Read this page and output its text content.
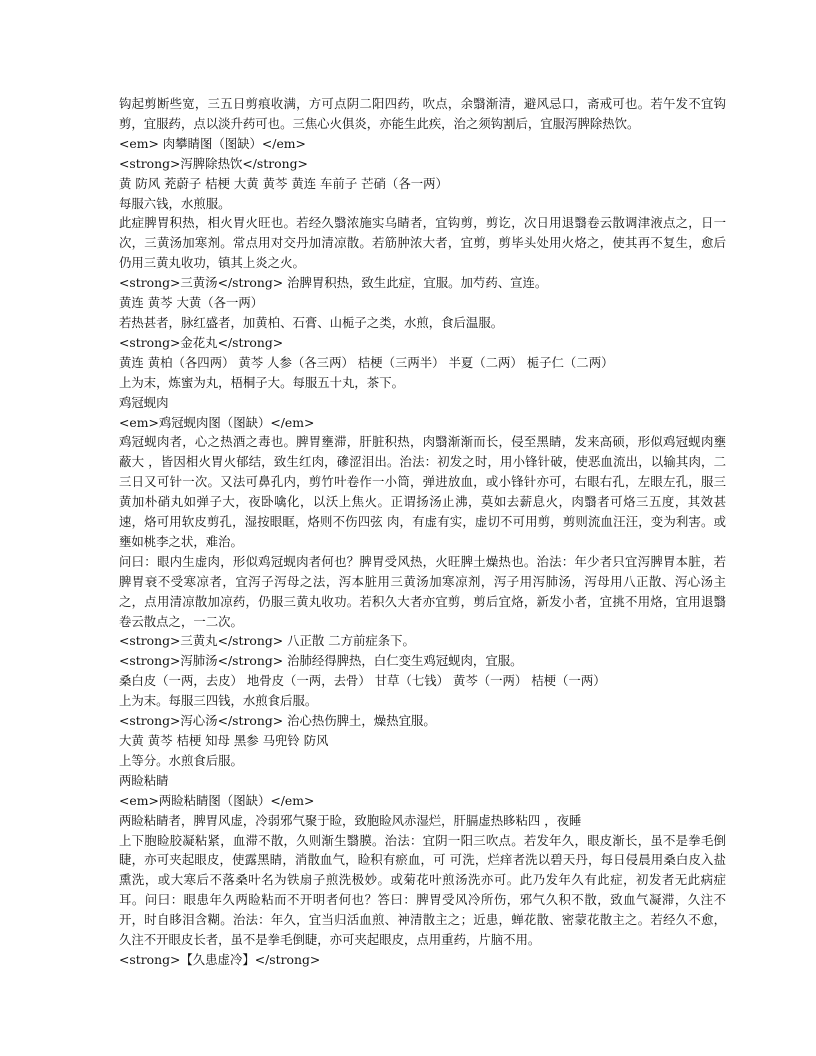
钩起剪断些宽，三五日剪痕收满，方可点阴二阳四药，吹点，余翳渐清，避风忌口，斋戒可也。若午发不宜钩剪，宜服药，点以淡升药可也。三焦心火俱炎，亦能生此疾，治之须钩割后，宜服泻脾除热饮。

<em> 肉攀睛图（图缺）</em>

<strong>泻脾除热饮</strong>

黄 防风 茺蔚子 桔梗 大黄 黄芩 黄连 车前子 芒硝（各一两）

每服六钱，水煎服。

此症脾胃积热，相火胃火旺也。若经久翳浓施实乌睛者，宜钩剪，剪讫，次日用退翳卷云散调津液点之，日一次，三黄汤加寒剂。常点用对交丹加清凉散。若筋肿浓大者，宜剪，剪毕头处用火烙之，使其再不复生，愈后仍用三黄丸收功，镇其上炎之火。

<strong>三黄汤</strong> 治脾胃积热，致生此症，宜服。加芍药、宣连。

黄连 黄芩 大黄（各一两）

若热甚者，脉红盛者，加黄柏、石膏、山栀子之类，水煎，食后温服。

<strong>金花丸</strong>

黄连 黄柏（各四两） 黄芩 人参（各三两） 桔梗（三两半） 半夏（二两） 栀子仁（二两）

上为末，炼蜜为丸，梧桐子大。每服五十丸，茶下。

鸡冠蚬肉

<em>鸡冠蚬肉图（图缺）</em>

鸡冠蚬肉者，心之热酒之毒也。脾胃壅滞，肝脏积热，肉翳渐渐而长，侵至黑睛，发来高硕，形似鸡冠蚬肉壅蔽大 ，皆因相火胃火郁结，致生红肉，磣涩泪出。治法：初发之时，用小锋针破，使恶血流出，以输其肉，二三日又可针一次。又法可鼻孔内，剪竹叶卷作一小筒，弹进放血，或小锋针亦可，右眼右孔，左眼左孔，服三黄加朴硝丸如弹子大，夜卧噙化，以沃上焦火。正谓扬汤止沸，莫如去薪息火，肉翳者可烙三五度，其效甚速，烙可用软皮剪孔，湿按眼眶，烙则不伤四弦 肉，有虚有实，虚切不可用剪，剪则流血汪汪，变为利害。或壅如桃李之状，难治。

问曰：眼内生虚肉，形似鸡冠蚬肉者何也？脾胃受风热，火旺脾土燥热也。治法：年少者只宜泻脾胃本脏，若脾胃衰不受寒凉者，宜泻子泻母之法，泻本脏用三黄汤加寒凉剂，泻子用泻肺汤，泻母用八正散、泻心汤主之，点用清凉散加凉药，仍服三黄丸收功。若积久大者亦宜剪，剪后宜烙，新发小者，宜挑不用烙，宜用退翳卷云散点之，一二次。

<strong>三黄丸</strong> 八正散 二方前症条下。

<strong>泻肺汤</strong> 治肺经得脾热，白仁变生鸡冠蚬肉，宜服。

桑白皮（一两，去皮） 地骨皮（一两，去骨） 甘草（七钱） 黄芩（一两） 桔梗（一两）

上为末。每服三四钱，水煎食后服。

<strong>泻心汤</strong> 治心热伤脾土，燥热宜服。

大黄 黄芩 桔梗 知母 黑参 马兜铃 防风

上等分。水煎食后服。

两睑粘睛

<em>两睑粘睛图（图缺）</em>

两睑粘睛者，脾胃风虚，冷弱邪气聚于睑，致胞睑风赤湿烂，肝膈虚热眵粘四 ，夜睡

上下胞睑胶凝粘紧，血滞不散，久则渐生翳膜。治法：宜阴一阳三吹点。若发年久，眼皮渐长，虽不是拳毛倒睫，亦可夹起眼皮，使露黑睛，消散血气，睑积有瘀血，可 可洗，烂痒者洗以碧天丹，每日侵晨用桑白皮入盐熏洗，或大寒后不落桑叶名为铁扇子煎洗极妙。或菊花叶煎汤洗亦可。此乃发年久有此症，初发者无此病症耳。问曰：眼患年久两睑粘而不开明者何也？答曰：脾胃受风冷所伤，邪气久积不散，致血气凝滞，久注不开，时自眵泪含糊。治法：年久，宜当归活血煎、神清散主之；近患，蝉花散、密蒙花散主之。若经久不愈，久注不开眼皮长者，虽不是拳毛倒睫，亦可夹起眼皮，点用重药，片脑不用。

<strong>【久患虚冷】</strong>
